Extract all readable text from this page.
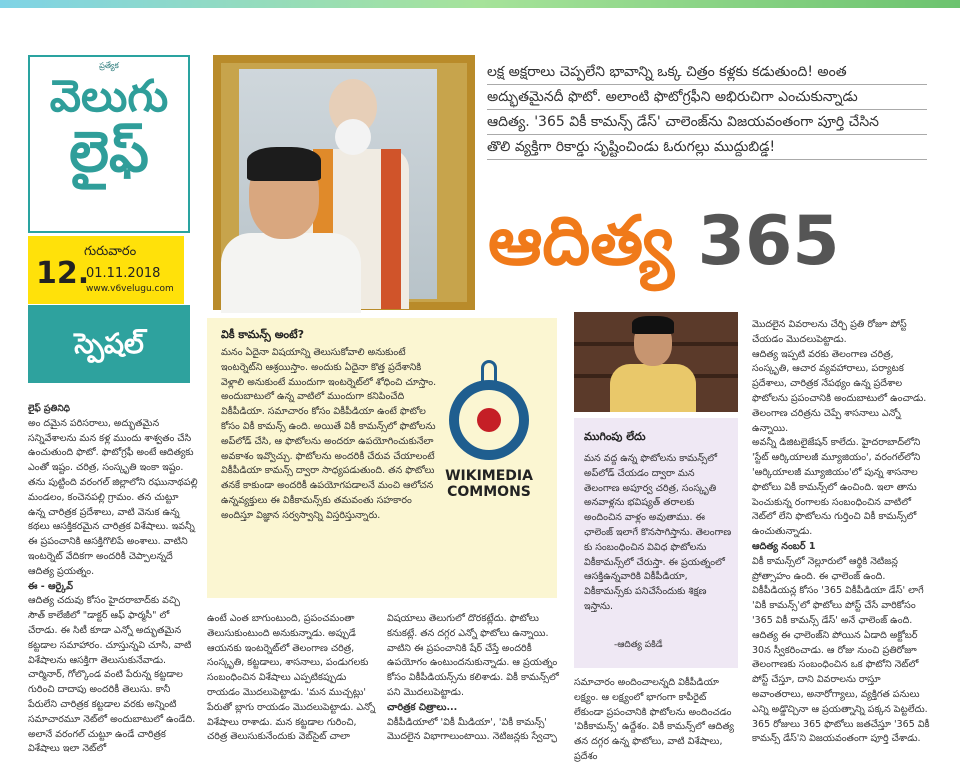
ప్రత్యేక
వెలుగు
లైఫ్
గురువారం
12.
01.11.2018
www.v6velugu.com
స్పెషల్
లక్ష అక్షరాలు చెప్పలేని భావాన్ని ఒక్క చిత్రం కళ్లకు కడుతుంది! అంత
అద్భుతమైనదీ ఫొటో. అలాంటి ఫొటోగ్రఫీని అభిరుచిగా ఎంచుకున్నాడు
ఆదిత్య. '365 వికీ కామన్స్ డేస్' చాలెంజ్‌ను విజయవంతంగా పూర్తి చేసిన
తొలి వ్యక్తిగా రికార్డు సృష్టించిండు ఓరుగల్లు ముద్దుబిడ్డ!
ఆదిత్య 365
లైఫ్ ప్రతినిధి
అం దమైన పరిసరాలు, అద్భుతమైన సన్నివేశాలను మన కళ్ల ముందు శాశ్వతం చేసి ఉంచుతుంది ఫొటో. ఫొటోగ్రఫీ అంటే ఆదిత్యకు ఎంతో ఇష్టం. చరిత్ర, సంస్కృతి ఇంకా ఇష్టం. తను పుట్టింది వరంగల్ జిల్లాలోని రఘునాథపల్లి మండలం, కంచెనపల్లి గ్రామం. తన చుట్టూ ఉన్న చారిత్రక ప్రదేశాలు, వాటి వెనుక ఉన్న కథలు ఆసక్తికరమైన చారిత్రక విశేషాలు. ఇవన్నీ ఈ ప్రపంచానికి ఆసక్తిగొలిపే అంశాలు. వాటిని ఇంటర్నెట్ వేదికగా అందరికీ చెప్పాలన్నదే ఆదిత్య ప్రయత్నం.
ఈ - ఆర్కైవ్
ఆదిత్య చదువు కోసం హైదరాబాద్‌కు వచ్చి సౌత్ కాలేజీలో "డాక్టర్ ఆఫ్ ఫార్మసీ" లో చేరాడు. ఈ సిటీ కూడా ఎన్నో అద్భుతమైన కట్టడాల సమాహారం. చూస్తున్నవి చూసి, వాటి విశేషాలను ఆసక్తిగా తెలుసుకునేవాడు. చార్మినార్, గోల్కొండ వంటి పేరున్న కట్టడాల గురించి దాదాపు అందరికీ తెలుసు. కానీ పేరులేని చారిత్రక కట్టడాల వరకు అన్నింటి సమాచారమూ నెట్‌లో అందుబాటులో ఉండేది. అలానే వరంగల్ చుట్టూ ఉండే చారిత్రక విశేషాలు ఇలా నెట్‌లో
వికీ కామన్స్ అంటే?
మనం ఏదైనా విషయాన్ని తెలుసుకోవాలి అనుకుంటే ఇంటర్నెట్‌ని ఆశ్రయిస్తాం. అందుకు ఏదైనా కొత్త ప్రదేశానికి వెళ్లాలి అనుకుంటే ముందుగా ఇంటర్నెట్‌లో శోధించి చూస్తాం. అందుబాటులో ఉన్న వాటిలో ముందుగా కనిపించేది వికీపీడియా. సమాచారం కోసం వికీపీడియా ఉంటే ఫొటోల కోసం వికీ కామన్స్ ఉంది. అయితే వికీ కామన్స్‌లో ఫొటోలను అప్‌లోడ్ చేసి, ఆ ఫొటోలను అందరూ ఉపయోగించుకునేలా అవకాశం ఇవ్వొచ్చు. ఫొటోలను అందరికీ చేరువ చేయాలంటే వికీపీడియా కామన్స్ ద్వారా సాధ్యపడుతుంది. తన ఫొటోలు తనకే కాకుండా అందరికీ ఉపయోగపడాలనే మంచి ఆలోచన ఉన్నవ్యక్తులు ఈ వికీకామన్స్‌కు తమవంతు సహకారం అందిస్తూ విజ్ఞాన సర్వస్వాన్ని విస్తరిస్తున్నారు.
WIKIMEDIA
COMMONS
ఉంటే ఎంత బాగుంటుంది, ప్రపంచమంతా తెలుసుకుంటుంది అనుకున్నాడు. అప్పుడే ఆయనకు ఇంటర్నెట్‌లో తెలంగాణ చరిత్ర, సంస్కృతి, కట్టడాలు, శాసనాలు, పండుగలకు సంబంధించిన విశేషాలు ఎప్పటికప్పుడు రాయడం మొదలుపెట్టాడు. 'మన ముచ్చట్లు' పేరుతో బ్లాగు రాయడం మొదలుపెట్టాడు. ఎన్నో విశేషాలు రాశాడు. మన కట్టడాల గురించి, చరిత్ర తెలుసుకునేందుకు వెబ్‌సైట్ చాలా
విషయాలు తెలుగులో దొరకట్లేదు. ఫొటోలు కనుకట్లే. తన దగ్గర ఎన్నో ఫొటోలు ఉన్నాయి. వాటిని ఈ ప్రపంచానికి షేర్ చేస్తే అందరికీ ఉపయోగం ఉంటుందనుకున్నాడు. ఆ ప్రయత్నం కోసం వికీపీడియన్స్‌ను కలిశాడు. వికీ కామన్స్‌లో పని మొదలుపెట్టాడు.
చారిత్రక చిత్రాలు...
వికీపీడియాలో 'వికీ మీడియా', 'వికీ కామన్స్' మొదలైన విభాగాలుంటాయి. నెటిజన్లకు స్వేచ్ఛా
ముగింపు లేదు
మన వద్ద ఉన్న ఫొటోలను కామన్స్‌లో అప్‌లోడ్ చేయడం ద్వారా మన తెలంగాణ అపూర్వ చరిత్ర, సంస్కృతి అనవాళ్లను భవిష్యత్ తరాలకు అందించిన వాళ్లం అవుతాము. ఈ ఛాలెంజ్ ఇలాగే కొనసాగిస్తాను. తెలంగాణ కు సంబంధించిన వివిధ ఫొటోలను వికీకామన్స్‌లో చేరుస్తా. ఈ ప్రయత్నంలో ఆసక్తిఉన్నవారికి వికీపీడియా, వికీకామన్స్‌కు పనిచేసేందుకు శిక్షణ ఇస్తాను.
-ఆదిత్య పకిడే
సమాచారం అందించాలన్నది వికీపీడియా లక్ష్యం. ఆ లక్ష్యంలో భాగంగా కాపీరైట్ లేకుండా ప్రపంచానికి ఫొటోలను అందించడం 'వికీకామన్స్' ఉద్దేశం. వికీ కామన్స్‌లో ఆదిత్య తన దగ్గర ఉన్న ఫొటోలు, వాటి విశేషాలు, ప్రదేశం
మొదలైన వివరాలను చేర్చి ప్రతి రోజూ పోస్ట్ చేయడం మొదలుపెట్టాడు.
ఆదిత్య ఇప్పటి వరకు తెలంగాణ చరిత్ర, సంస్కృతి, ఆచార వ్యవహారాలు, పర్యాటక ప్రదేశాలు, చారిత్రక నేపథ్యం ఉన్న ప్రదేశాల ఫొటోలను ప్రపంచానికి అందుబాటులో ఉంచాడు. తెలంగాణ చరిత్రను చెప్పే శాసనాలు ఎన్నో ఉన్నాయి.
అవన్నీ డిజిటలైజేషన్ కాలేదు. హైదరాబాద్‌లోని 'స్టేట్ ఆర్కియాలజీ మ్యూజియం', వరంగల్‌లోని 'ఆర్కియాలజీ మ్యూజియం'లో పున్న శాసనాల ఫొటోలు వికీ కామన్స్‌లో ఉంచింది. ఇలా తాను పెంచుకున్న రంగాలకు సంబంధించిన వాటిలో నెట్‌లో లేని ఫొటోలను గుర్తించి వికీ కామన్స్‌లో ఉంచుతున్నాడు.
ఆదిత్య నంబర్ 1
వికీ కామన్స్‌లో నెల్లూరులో ఆర్థికి నెటిజన్ల ప్రోత్సాహం ఉంది. ఈ ఛాలెంజ్ ఉంది. వికీపీడియన్ల కోసం '365 వికీపీడియా డేస్' లాగే 'వికీ కామన్స్'లో ఫొటోలు పోస్ట్ చేసే వారికోసం '365 వికీ కామన్స్ డేస్' అనే ఛాలెంజ్ ఉంది. ఆదిత్య ఈ ఛాలెంజ్‌ని పోయిన ఏడాది అక్టోబర్ 30న స్వీకరించాడు. ఆ రోజు నుంచి ప్రతిరోజూ తెలంగాణకు సంబంధించిన ఒక ఫొటోని నెట్‌లో పోస్ట్ చేస్తూ, దాని వివరాలను రాస్తూ అవాంతరాలు, అనారోగ్యాలు, వ్యక్తిగత పనులు ఎన్ని అడ్డొచ్చినా ఆ ప్రయత్నాన్ని పక్కన పెట్టలేదు. 365 రోజులు 365 ఫొటోలు జతచేస్తూ '365 వికీ కామన్స్ డేస్'ని విజయవంతంగా పూర్తి చేశాడు.
